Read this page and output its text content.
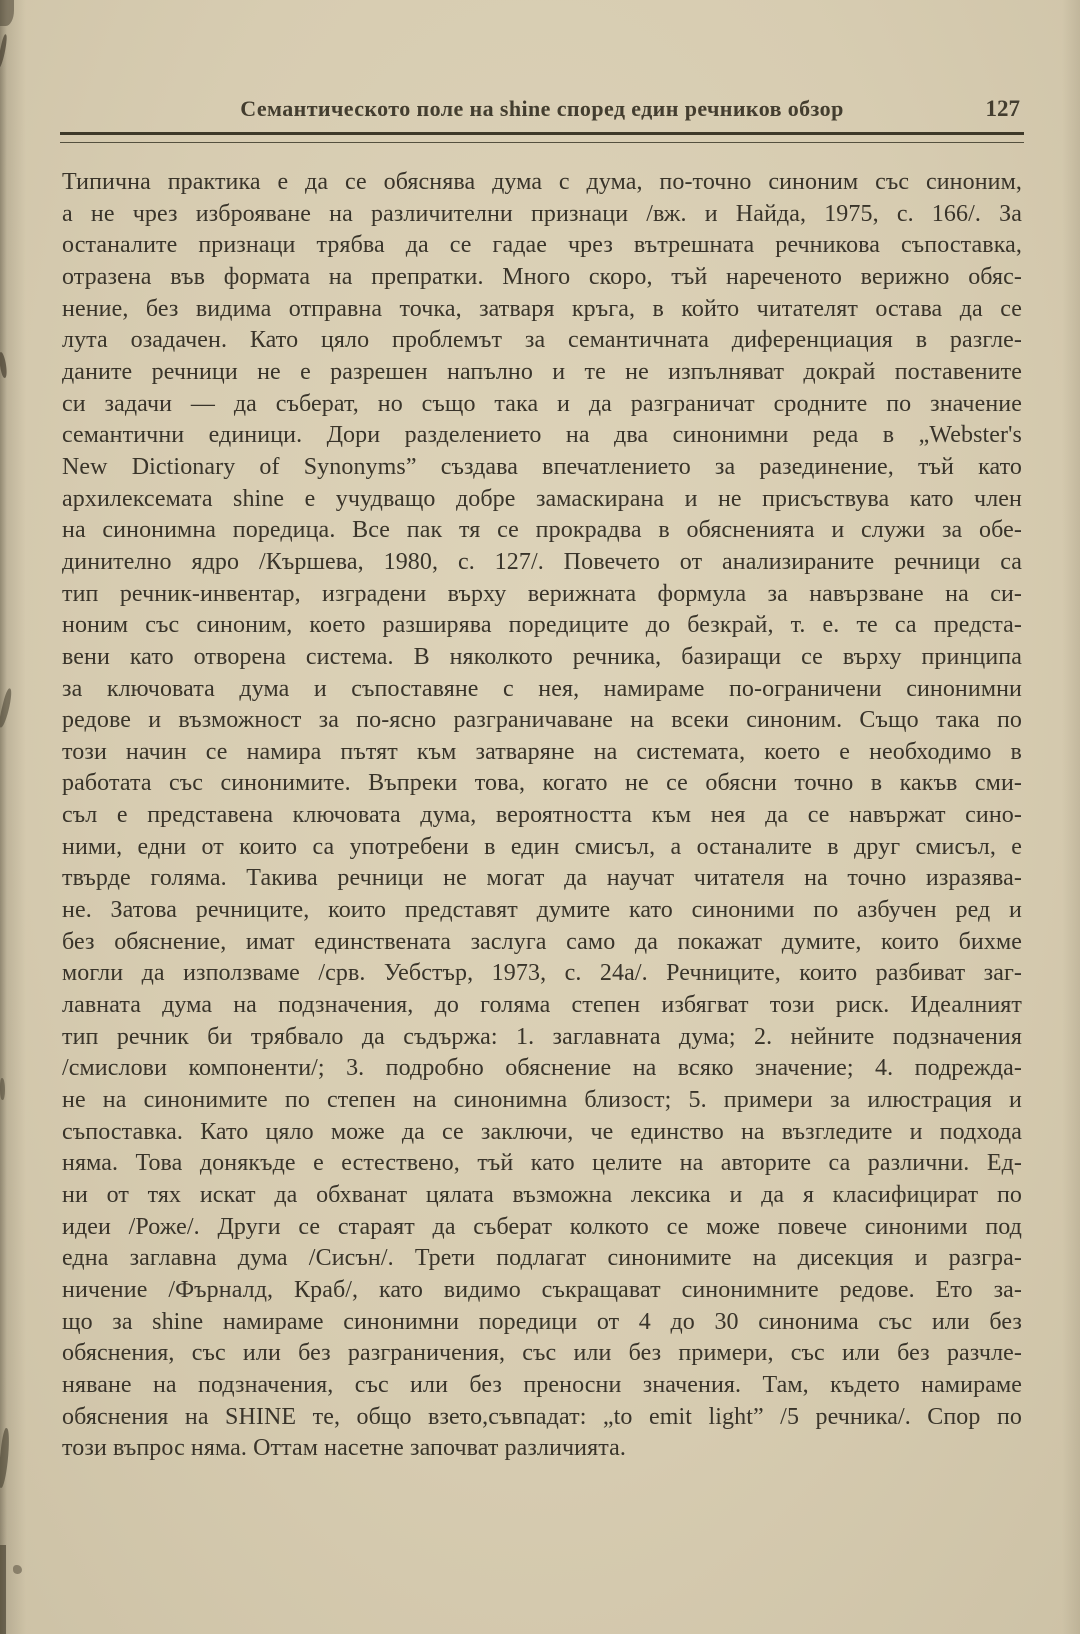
Семантическото поле на shine според един речников обзор	127
Типична практика е да се обяснява дума с дума, по-точно синоним със синоним,
а не чрез изброяване на различителни признаци /вж. и Найда, 1975, с. 166/. За
останалите признаци трябва да се гадае чрез вътрешната речникова съпоставка,
отразена във формата на препратки. Много скоро, тъй нареченото верижно обяс-
нение, без видима отправна точка, затваря кръга, в който читателят остава да се
лута озадачен. Като цяло проблемът за семантичната диференциация в разгле-
даните речници не е разрешен напълно и те не изпълняват докрай поставените
си задачи — да съберат, но също така и да разграничат сродните по значение
семантични единици. Дори разделението на два синонимни реда в „Webster's
New Dictionary of Synonyms” създава впечатлението за разединение, тъй като
архилексемата shine е учудващо добре замаскирана и не присъствува като член
на синонимна поредица. Все пак тя се прокрадва в обясненията и служи за обе-
динително ядро /Кършева, 1980, с. 127/. Повечето от анализираните речници са
тип речник-инвентар, изградени върху верижната формула за навързване на си-
ноним със синоним, което разширява поредиците до безкрай, т. е. те са предста-
вени като отворена система. В няколкото речника, базиращи се върху принципа
за ключовата дума и съпоставяне с нея, намираме по-ограничени синонимни
редове и възможност за по-ясно разграничаване на всеки синоним. Също така по
този начин се намира пътят към затваряне на системата, което е необходимо в
работата със синонимите. Въпреки това, когато не се обясни точно в какъв сми-
съл е представена ключовата дума, вероятността към нея да се навържат сино-
ними, едни от които са употребени в един смисъл, а останалите в друг смисъл, е
твърде голяма. Такива речници не могат да научат читателя на точно изразява-
не. Затова речниците, които представят думите като синоними по азбучен ред и
без обяснение, имат единствената заслуга само да покажат думите, които бихме
могли да използваме /срв. Уебстър, 1973, с. 24а/. Речниците, които разбиват заг-
лавната дума на подзначения, до голяма степен избягват този риск. Идеалният
тип речник би трябвало да съдържа: 1. заглавната дума; 2. нейните подзначения
/смислови компоненти/; 3. подробно обяснение на всяко значение; 4. подрежда-
не на синонимите по степен на синонимна близост; 5. примери за илюстрация и
съпоставка. Като цяло може да се заключи, че единство на възгледите и подхода
няма. Това донякъде е естествено, тъй като целите на авторите са различни. Ед-
ни от тях искат да обхванат цялата възможна лексика и да я класифицират по
идеи /Роже/. Други се стараят да съберат колкото се може повече синоними под
една заглавна дума /Сисън/. Трети подлагат синонимите на дисекция и разгра-
ничение /Фърналд, Краб/, като видимо съкращават синонимните редове. Ето за-
що за shine намираме синонимни поредици от 4 до 30 синонима със или без
обяснения, със или без разграничения, със или без примери, със или без разчле-
няване на подзначения, със или без преносни значения. Там, където намираме
обяснения на SHINE те, общо взето,съвпадат: „to emit light” /5 речника/. Спор по
този въпрос няма. Оттам насетне започват различията.
